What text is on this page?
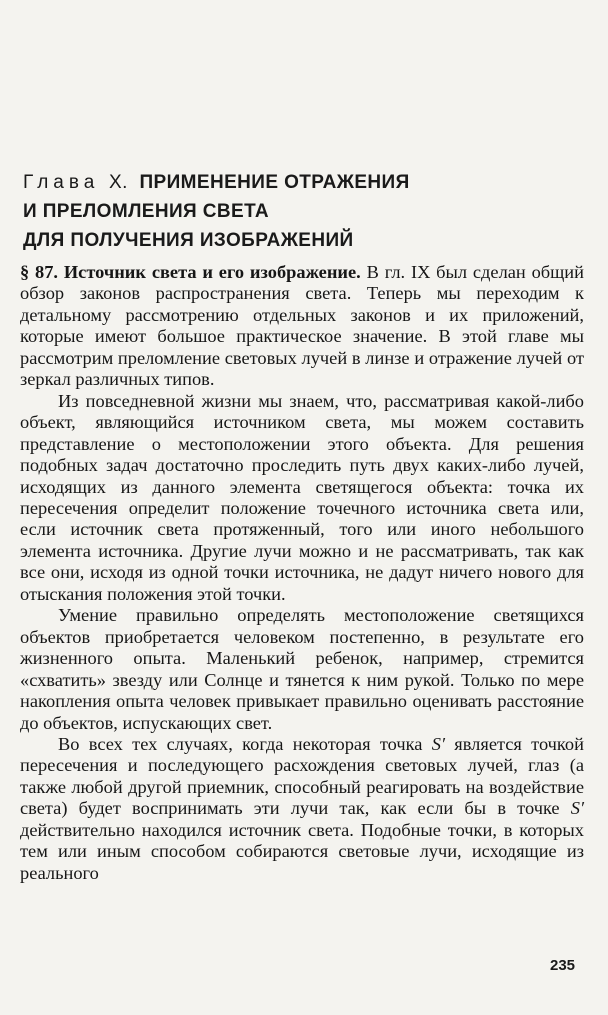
Глава X. ПРИМЕНЕНИЕ ОТРАЖЕНИЯ
И ПРЕЛОМЛЕНИЯ СВЕТА
ДЛЯ ПОЛУЧЕНИЯ ИЗОБРАЖЕНИЙ

§ 87. Источник света и его изображение. В гл. IX был сделан общий обзор законов распространения света. Теперь мы переходим к детальному рассмотрению отдельных законов и их приложений, которые имеют большое практическое значение. В этой главе мы рассмотрим преломление световых лучей в линзе и отражение лучей от зеркал различных типов.

Из повседневной жизни мы знаем, что, рассматривая какой-либо объект, являющийся источником света, мы можем составить представление о местоположении этого объекта. Для решения подобных задач достаточно проследить путь двух каких-либо лучей, исходящих из данного элемента светящегося объекта: точка их пересечения определит положение точечного источника света или, если источник света протяженный, того или иного небольшого элемента источника. Другие лучи можно и не рассматривать, так как все они, исходя из одной точки источника, не дадут ничего нового для отыскания положения этой точки.

Умение правильно определять местоположение светящихся объектов приобретается человеком постепенно, в результате его жизненного опыта. Маленький ребенок, например, стремится «схватить» звезду или Солнце и тянется к ним рукой. Только по мере накопления опыта человек привыкает правильно оценивать расстояние до объектов, испускающих свет.

Во всех тех случаях, когда некоторая точка S′ является точкой пересечения и последующего расхождения световых лучей, глаз (а также любой другой приемник, способный реагировать на воздействие света) будет воспринимать эти лучи так, как если бы в точке S′ действительно находился источник света. Подобные точки, в которых тем или иным способом собираются световые лучи, исходящие из реального

235
